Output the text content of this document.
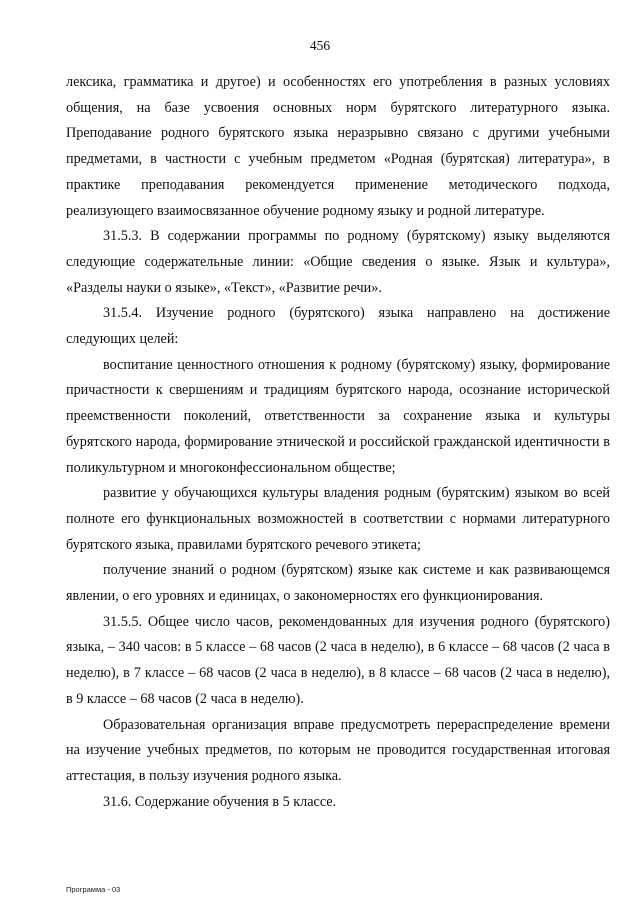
456

лексика, грамматика и другое) и особенностях его употребления в разных условиях общения, на базе усвоения основных норм бурятского литературного языка. Преподавание родного бурятского языка неразрывно связано с другими учебными предметами, в частности с учебным предметом «Родная (бурятская) литература», в практике преподавания рекомендуется применение методического подхода, реализующего взаимосвязанное обучение родному языку и родной литературе.

31.5.3. В содержании программы по родному (бурятскому) языку выделяются следующие содержательные линии: «Общие сведения о языке. Язык и культура», «Разделы науки о языке», «Текст», «Развитие речи».

31.5.4. Изучение родного (бурятского) языка направлено на достижение следующих целей:

воспитание ценностного отношения к родному (бурятскому) языку, формирование причастности к свершениям и традициям бурятского народа, осознание исторической преемственности поколений, ответственности за сохранение языка и культуры бурятского народа, формирование этнической и российской гражданской идентичности в поликультурном и многоконфессиональном обществе;

развитие у обучающихся культуры владения родным (бурятским) языком во всей полноте его функциональных возможностей в соответствии с нормами литературного бурятского языка, правилами бурятского речевого этикета;

получение знаний о родном (бурятском) языке как системе и как развивающемся явлении, о его уровнях и единицах, о закономерностях его функционирования.

31.5.5. Общее число часов, рекомендованных для изучения родного (бурятского) языка, – 340 часов: в 5 классе – 68 часов (2 часа в неделю), в 6 классе – 68 часов (2 часа в неделю), в 7 классе – 68 часов (2 часа в неделю), в 8 классе – 68 часов (2 часа в неделю), в 9 классе – 68 часов (2 часа в неделю).

Образовательная организация вправе предусмотреть перераспределение времени на изучение учебных предметов, по которым не проводится государственная итоговая аттестация, в пользу изучения родного языка.

31.6. Содержание обучения в 5 классе.

Программа - 03
